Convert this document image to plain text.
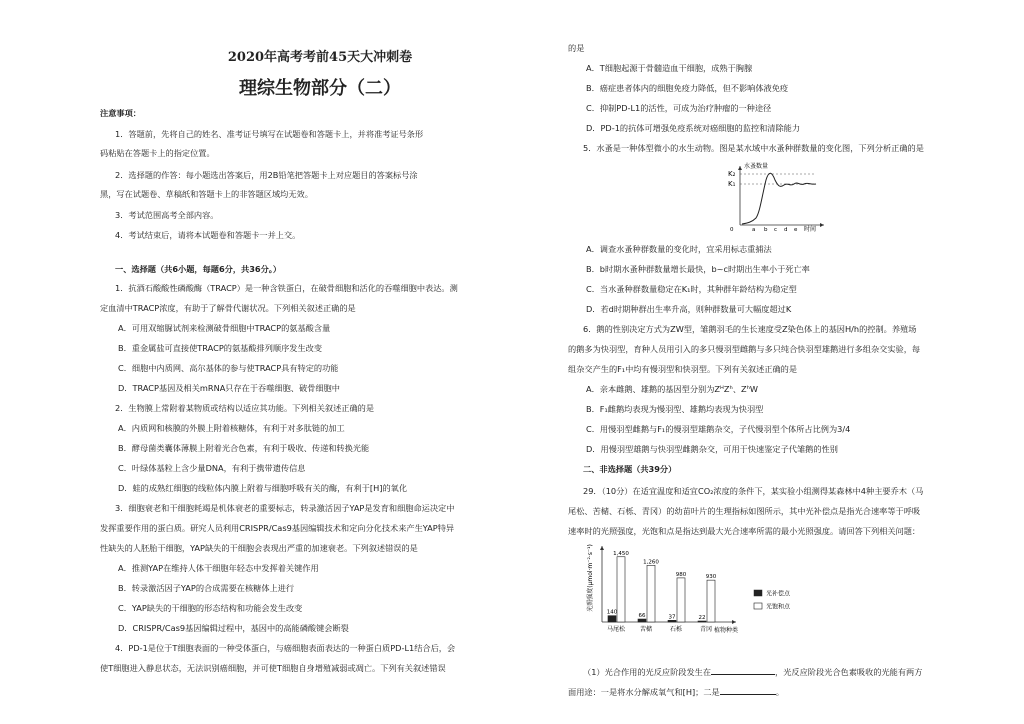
2020年高考考前45天大冲刺卷
理综生物部分（二）
注意事项：
1．答题前，先将自己的姓名、准考证号填写在试题卷和答题卡上，并将准考证号条形
码粘贴在答题卡上的指定位置。
2．选择题的作答：每小题选出答案后，用2B铅笔把答题卡上对应题目的答案标号涂
黑，写在试题卷、草稿纸和答题卡上的非答题区域均无效。
3．考试范围高考全部内容。
4．考试结束后，请将本试题卷和答题卡一并上交。
一、选择题（共6小题，每题6分，共36分。）
1．抗酒石酸酸性磷酸酶（TRACP）是一种含铁蛋白，在破骨细胞和活化的吞噬细胞中表达。测
定血清中TRACP浓度，有助于了解骨代谢状况。下列相关叙述正确的是
A．可用双缩脲试剂来检测破骨细胞中TRACP的氨基酸含量
B．重金属盐可直接使TRACP的氨基酸排列顺序发生改变
C．细胞中内质网、高尔基体的参与使TRACP具有特定的功能
D．TRACP基因及相关mRNA只存在于吞噬细胞、破骨细胞中
2．生物膜上常附着某物质或结构以适应其功能。下列相关叙述正确的是
A．内质网和核膜的外膜上附着核糖体，有利于对多肽链的加工
B．酵母菌类囊体薄膜上附着光合色素，有利于吸收、传递和转换光能
C．叶绿体基粒上含少量DNA，有利于携带遗传信息
D．蛙的成熟红细胞的线粒体内膜上附着与细胞呼吸有关的酶，有利于[H]的氧化
3．细胞衰老和干细胞耗竭是机体衰老的重要标志，转录激活因子YAP是发育和细胞命运决定中
发挥重要作用的蛋白质。研究人员利用CRISPR/Cas9基因编辑技术和定向分化技术来产生YAP特异
性缺失的人胚胎干细胞，YAP缺失的干细胞会表现出严重的加速衰老。下列叙述错误的是
A．推测YAP在维持人体干细胞年轻态中发挥着关键作用
B．转录激活因子YAP的合成需要在核糖体上进行
C．YAP缺失的干细胞的形态结构和功能会发生改变
D．CRISPR/Cas9基因编辑过程中，基因中的高能磷酸键会断裂
4．PD-1是位于T细胞表面的一种受体蛋白，与癌细胞表面表达的一种蛋白质PD-L1结合后，会
使T细胞进入静息状态，无法识别癌细胞，并可使T细胞自身增殖减弱或凋亡。下列有关叙述错误
的是
A．T细胞起源于骨髓造血干细胞，成熟于胸腺
B．癌症患者体内的细胞免疫力降低，但不影响体液免疫
C．抑制PD-L1的活性，可成为治疗肿瘤的一种途径
D．PD-1的抗体可增强免疫系统对癌细胞的监控和清除能力
5．水蚤是一种体型微小的水生动物。图是某水域中水蚤种群数量的变化图，下列分析正确的是
水蚤数量
K₂
K₁
0	a b c d e 时间
A．调查水蚤种群数量的变化时，宜采用标志重捕法
B．b时期水蚤种群数量增长最快，b~c时期出生率小于死亡率
C．当水蚤种群数量稳定在K₁时，其种群年龄结构为稳定型
D．若d时期种群出生率升高，则种群数量可大幅度超过K
6．鹅的性别决定方式为ZW型，雏鹅羽毛的生长速度受Z染色体上的基因H/h的控制。养殖场
的鹅多为快羽型，育种人员用引入的多只慢羽型雌鹅与多只纯合快羽型雄鹅进行多组杂交实验，每
组杂交产生的F₁中均有慢羽型和快羽型。下列有关叙述正确的是
A．亲本雌鹅、雄鹅的基因型分别为ZᴴZʰ、ZʰW
B．F₁雌鹅均表现为慢羽型、雄鹅均表现为快羽型
C．用慢羽型雌鹅与F₁的慢羽型雄鹅杂交，子代慢羽型个体所占比例为3/4
D．用慢羽型雄鹅与快羽型雌鹅杂交，可用于快速鉴定子代雏鹅的性别
二、非选择题（共39分）
29．（10分）在适宜温度和适宜CO₂浓度的条件下，某实验小组测得某森林中4种主要乔木（马
尾松、苦槠、石栎、青冈）的幼苗叶片的生理指标如图所示，其中光补偿点是指光合速率等于呼吸
速率时的光照强度，光饱和点是指达到最大光合速率所需的最小光照强度。请回答下列相关问题：
光照强度(μmol·m⁻²·s⁻¹)
140
1,450
马尾松
66
1,260
苦槠
37
980
石栎
22
930
青冈 植物种类
光补偿点
光饱和点
（1）光合作用的光反应阶段发生在	，光反应阶段光合色素吸收的光能有两方
面用途：一是将水分解成氧气和[H]；二是	。
